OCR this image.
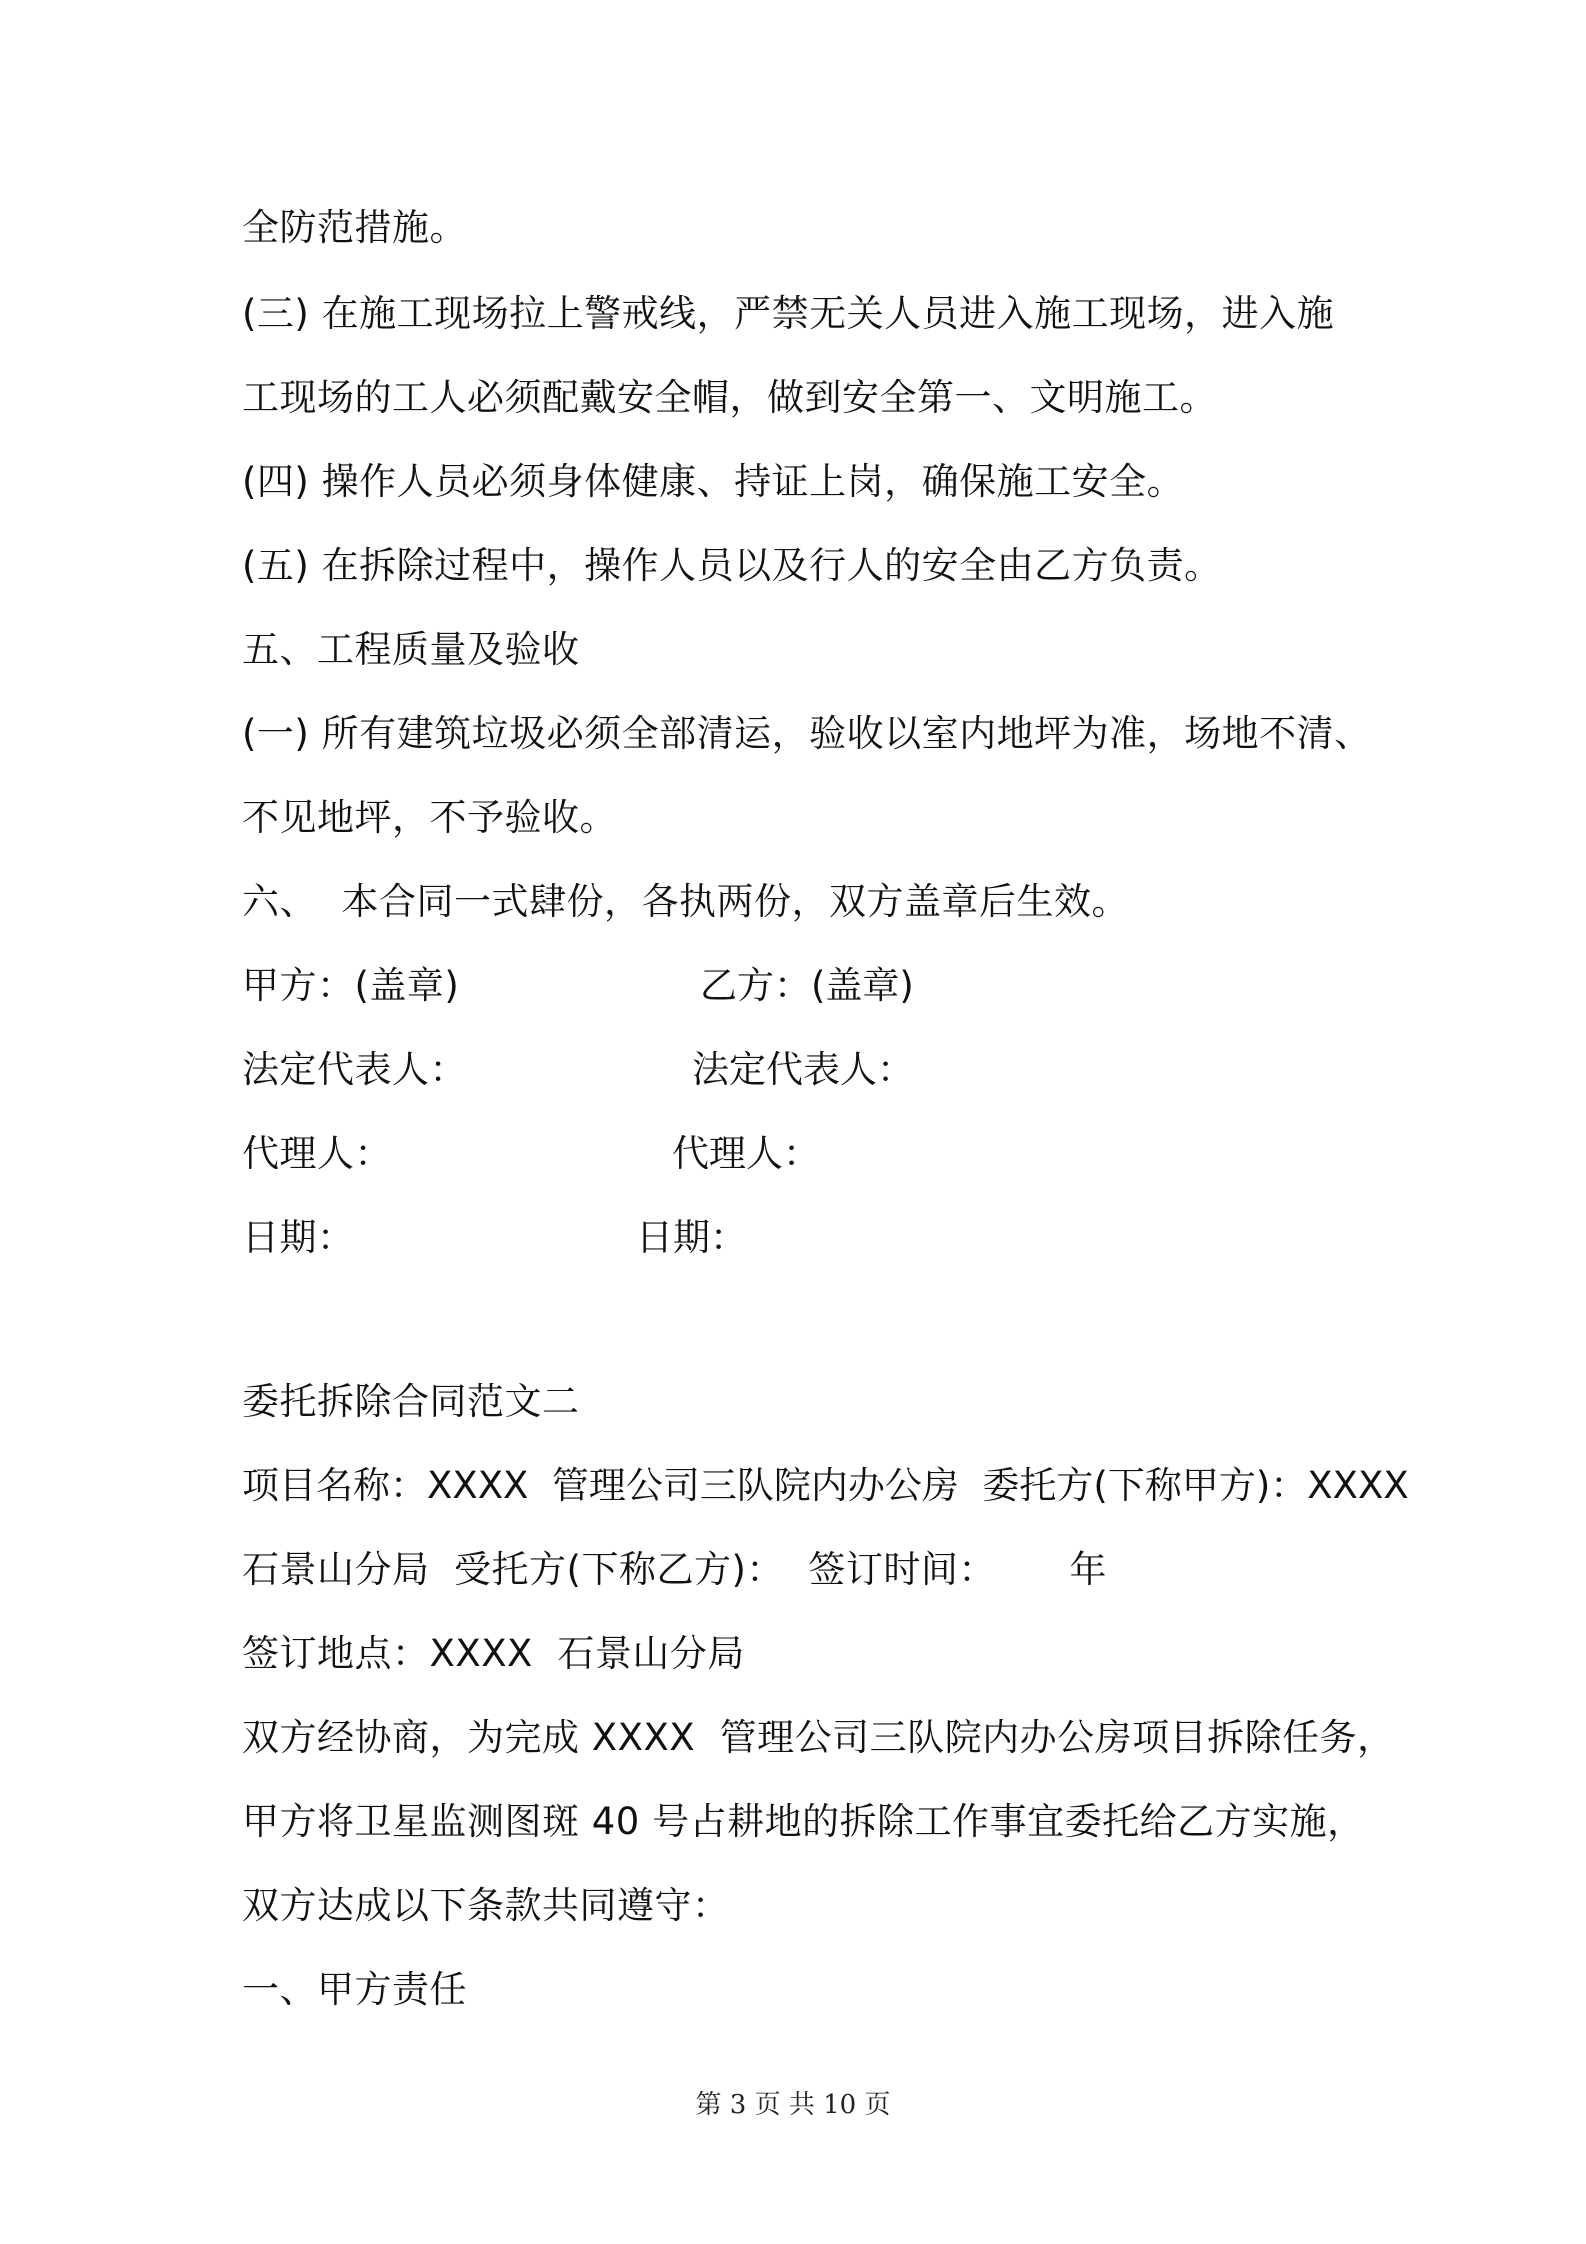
全防范措施。
(三) 在施工现场拉上警戒线，严禁无关人员进入施工现场，进入施
工现场的工人必须配戴安全帽，做到安全第一、文明施工。
(四) 操作人员必须身体健康、持证上岗，确保施工安全。
(五) 在拆除过程中，操作人员以及行人的安全由乙方负责。
五、工程质量及验收
(一) 所有建筑垃圾必须全部清运，验收以室内地坪为准，场地不清、
不见地坪，不予验收。
六、  本合同一式肆份，各执两份，双方盖章后生效。
甲方：(盖章)	乙方：(盖章)
法定代表人：	法定代表人：
代理人：	代理人：
日期：	日期：
委托拆除合同范文二
项目名称：XXXX  管理公司三队院内办公房  委托方(下称甲方)：XXXX
石景山分局  受托方(下称乙方)：  签订时间：      年
签订地点：XXXX  石景山分局
双方经协商，为完成 XXXX  管理公司三队院内办公房项目拆除任务，
甲方将卫星监测图斑 40 号占耕地的拆除工作事宜委托给乙方实施，
双方达成以下条款共同遵守：
一、甲方责任
第 3 页 共 10 页
